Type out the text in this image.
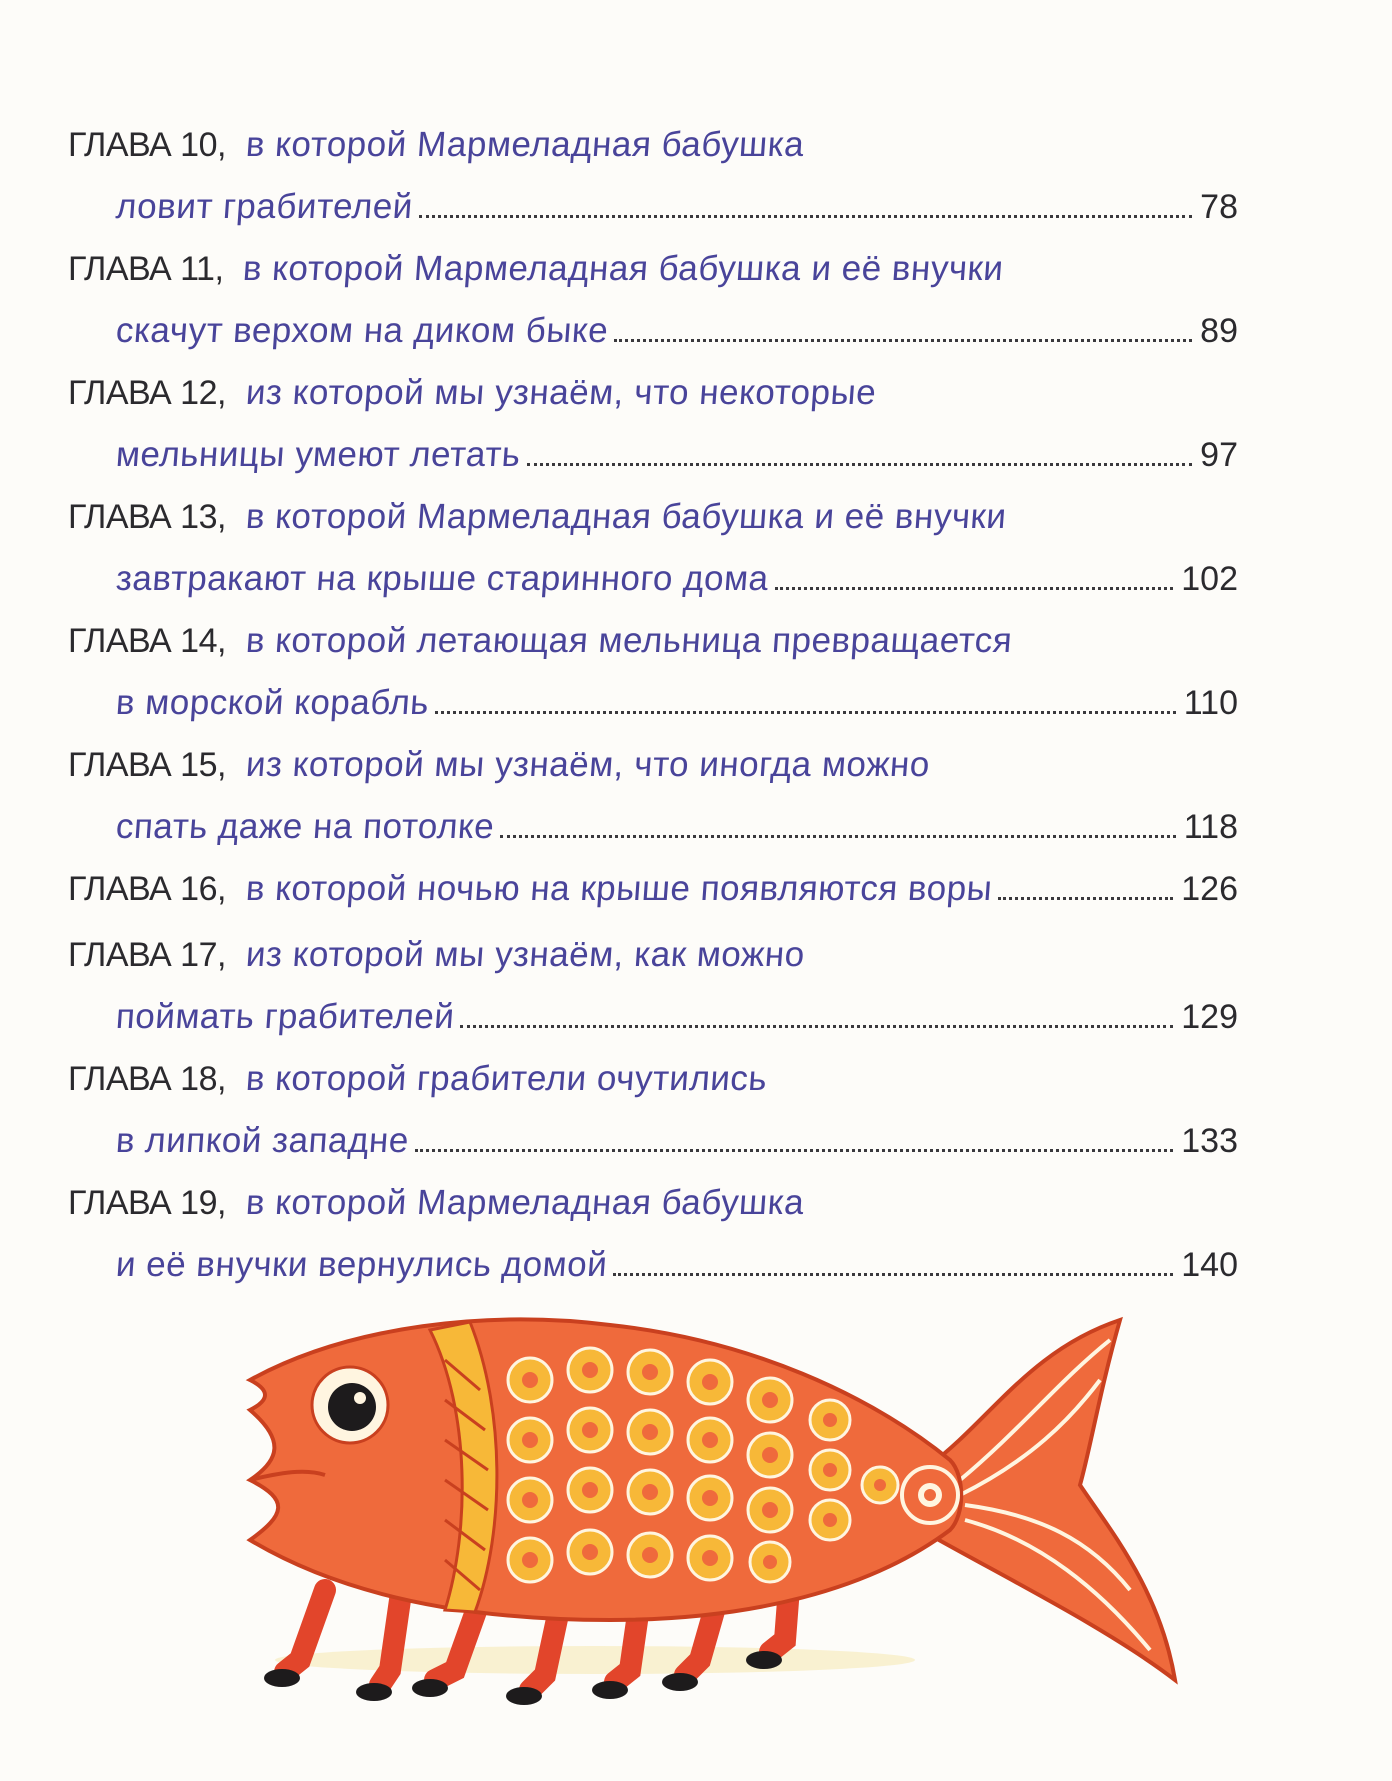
ГЛАВА 10, в которой Мармеладная бабушка
ловит грабителей	78
ГЛАВА 11, в которой Мармеладная бабушка и её внучки
скачут верхом на диком быке	89
ГЛАВА 12, из которой мы узнаём, что некоторые
мельницы умеют летать	97
ГЛАВА 13, в которой Мармеладная бабушка и её внучки
завтракают на крыше старинного дома	102
ГЛАВА 14, в которой летающая мельница превращается
в морской корабль	110
ГЛАВА 15, из которой мы узнаём, что иногда можно
спать даже на потолке	118
ГЛАВА 16, в которой ночью на крыше появляются воры	126
ГЛАВА 17, из которой мы узнаём, как можно
поймать грабителей	129
ГЛАВА 18, в которой грабители очутились
в липкой западне	133
ГЛАВА 19, в которой Мармеладная бабушка
и её внучки вернулись домой	140
